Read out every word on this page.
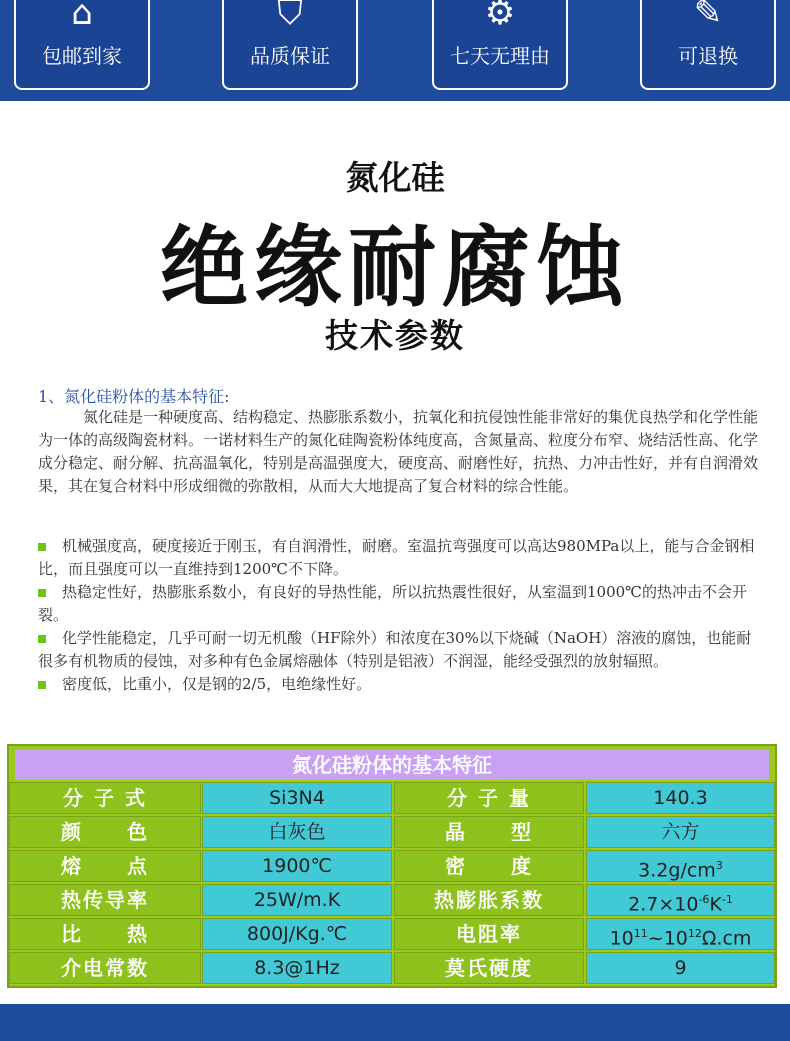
⌂
包邮到家
⛉
品质保证
⚙
七天无理由
✎
可退换
氮化硅
绝缘耐腐蚀
技术参数
1、氮化硅粉体的基本特征:
氮化硅是一种硬度高、结构稳定、热膨胀系数小，抗氧化和抗侵蚀性能非常好的集优良热学和化学性能为一体的高级陶瓷材料。一诺材料生产的氮化硅陶瓷粉体纯度高，含氮量高、粒度分布窄、烧结活性高、化学成分稳定、耐分解、抗高温氧化，特别是高温强度大，硬度高、耐磨性好，抗热、力冲击性好，并有自润滑效果，其在复合材料中形成细微的弥散相，从而大大地提高了复合材料的综合性能。
机械强度高，硬度接近于刚玉，有自润滑性，耐磨。室温抗弯强度可以高达980MPa以上，能与合金钢相比，而且强度可以一直维持到1200℃不下降。
热稳定性好，热膨胀系数小，有良好的导热性能，所以抗热震性很好，从室温到1000℃的热冲击不会开裂。
化学性能稳定，几乎可耐一切无机酸（HF除外）和浓度在30%以下烧碱（NaOH）溶液的腐蚀，也能耐很多有机物质的侵蚀，对多种有色金属熔融体（特别是铝液）不润湿，能经受强烈的放射辐照。
密度低，比重小，仅是钢的2/5，电绝缘性好。
氮化硅粉体的基本特征
分 子 式	Si3N4	分 子 量	140.3
颜　　色	白灰色	晶　　型	六方
熔　　点	1900℃	密　　度	$3.2g/cm^3$
热传导率	25W/m.K	热膨胀系数	$2.7\times 10^{-6}K^{-1}$
比　　热	800J/Kg.℃	电阻率	$10^{11}\sim 10^{12}\Omega.cm$
介电常数	8.3@1Hz	莫氏硬度	9
